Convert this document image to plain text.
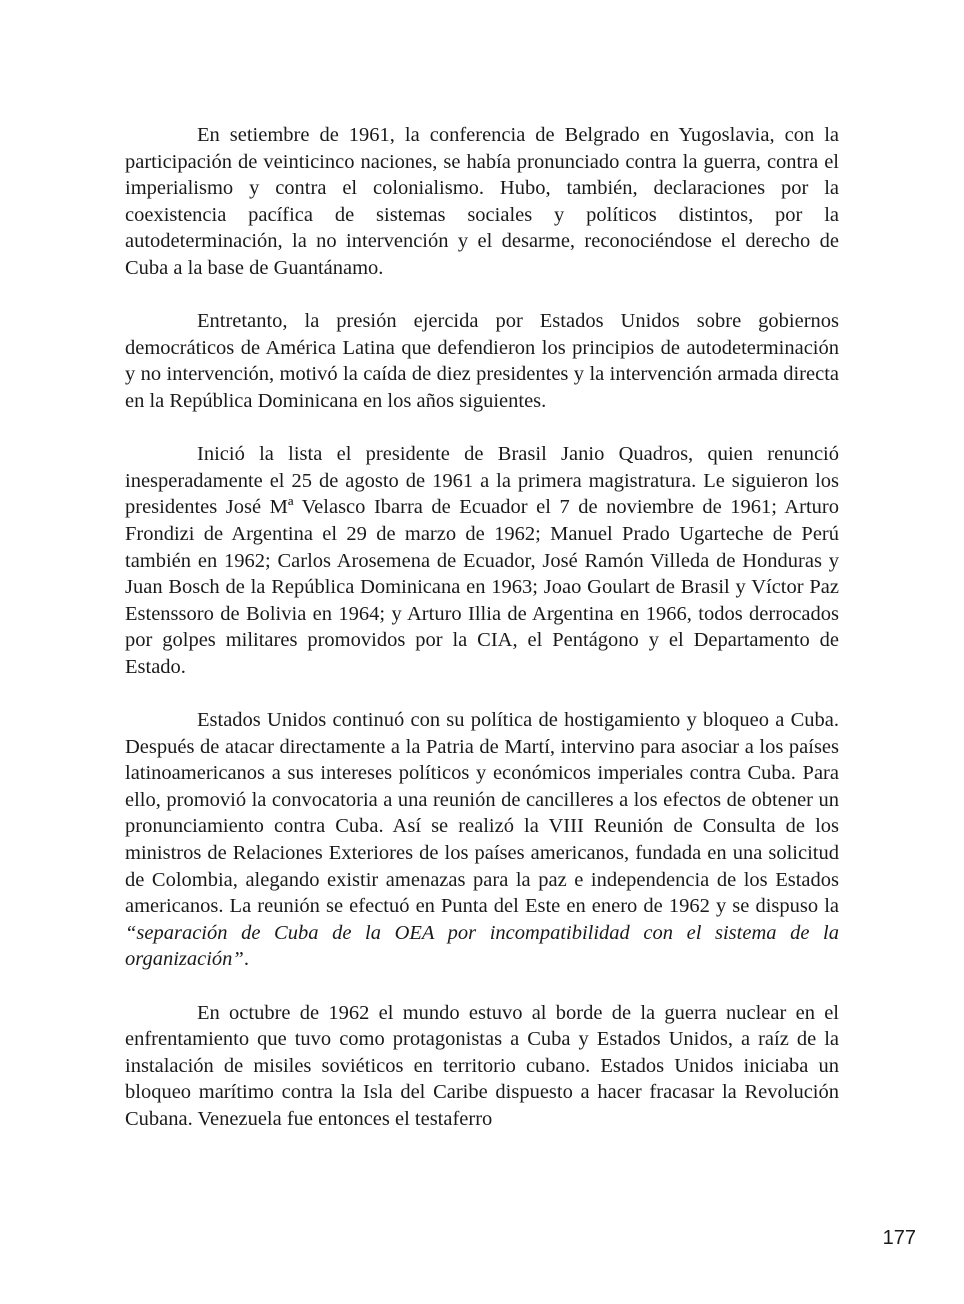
En setiembre de 1961, la conferencia de Belgrado en Yugoslavia, con la participación de veinticinco naciones, se había pronunciado contra la guerra, contra el imperialismo y contra el colonialismo. Hubo, también, declaraciones por la coexistencia pacífica de sistemas sociales y políticos distintos, por la autodeterminación, la no intervención y el desarme, reconociéndose el derecho de Cuba a la base de Guantánamo.

Entretanto, la presión ejercida por Estados Unidos sobre gobiernos democráticos de América Latina que defendieron los principios de autodeterminación y no intervención, motivó la caída de diez presidentes y la intervención armada directa en la República Dominicana en los años siguientes.

Inició la lista el presidente de Brasil Janio Quadros, quien renunció inesperadamente el 25 de agosto de 1961 a la primera magistratura. Le siguieron los presidentes José Mª Velasco Ibarra de Ecuador el 7 de noviembre de 1961; Arturo Frondizi de Argentina el 29 de marzo de 1962; Manuel Prado Ugarteche de Perú también en 1962; Carlos Arosemena de Ecuador, José Ramón Villeda de Honduras y Juan Bosch de la República Dominicana en 1963; Joao Goulart de Brasil y Víctor Paz Estenssoro de Bolivia en 1964; y Arturo Illia de Argentina en 1966, todos derrocados por golpes militares promovidos por la CIA, el Pentágono y el Departamento de Estado.

Estados Unidos continuó con su política de hostigamiento y bloqueo a Cuba. Después de atacar directamente a la Patria de Martí, intervino para asociar a los países latinoamericanos a sus intereses políticos y económicos imperiales contra Cuba. Para ello, promovió la convocatoria a una reunión de cancilleres a los efectos de obtener un pronunciamiento contra Cuba. Así se realizó la VIII Reunión de Consulta de los ministros de Relaciones Exteriores de los países americanos, fundada en una solicitud de Colombia, alegando existir amenazas para la paz e independencia de los Estados americanos. La reunión se efectuó en Punta del Este en enero de 1962 y se dispuso la “separación de Cuba de la OEA por incompatibilidad con el sistema de la organización”.

En octubre de 1962 el mundo estuvo al borde de la guerra nuclear en el enfrentamiento que tuvo como protagonistas a Cuba y Estados Unidos, a raíz de la instalación de misiles soviéticos en territorio cubano. Estados Unidos iniciaba un bloqueo marítimo contra la Isla del Caribe dispuesto a hacer fracasar la Revolución Cubana. Venezuela fue entonces el testaferro

177
